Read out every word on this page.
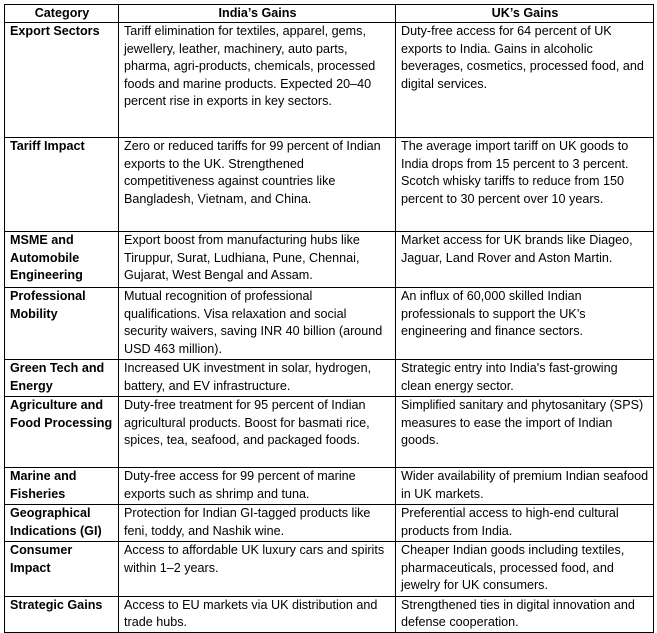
Category	India’s Gains	UK’s Gains
Export Sectors	Tariff elimination for textiles, apparel, gems, jewellery, leather, machinery, auto parts, pharma, agri-products, chemicals, processed foods and marine products. Expected 20–40 percent rise in exports in key sectors.	Duty-free access for 64 percent of UK exports to India. Gains in alcoholic beverages, cosmetics, processed food, and digital services.
Tariff Impact	Zero or reduced tariffs for 99 percent of Indian exports to the UK. Strengthened competitiveness against countries like Bangladesh, Vietnam, and China.	The average import tariff on UK goods to India drops from 15 percent to 3 percent. Scotch whisky tariffs to reduce from 150 percent to 30 percent over 10 years.
MSME and Automobile Engineering	Export boost from manufacturing hubs like Tiruppur, Surat, Ludhiana, Pune, Chennai, Gujarat, West Bengal and Assam.	Market access for UK brands like Diageo, Jaguar, Land Rover and Aston Martin.
Professional Mobility	Mutual recognition of professional qualifications. Visa relaxation and social security waivers, saving INR 40 billion (around USD 463 million).	An influx of 60,000 skilled Indian professionals to support the UK’s engineering and finance sectors.
Green Tech and Energy	Increased UK investment in solar, hydrogen, battery, and EV infrastructure.	Strategic entry into India's fast-growing clean energy sector.
Agriculture and Food Processing	Duty-free treatment for 95 percent of Indian agricultural products. Boost for basmati rice, spices, tea, seafood, and packaged foods.	Simplified sanitary and phytosanitary (SPS) measures to ease the import of Indian goods.
Marine and Fisheries	Duty-free access for 99 percent of marine exports such as shrimp and tuna.	Wider availability of premium Indian seafood in UK markets.
Geographical Indications (GI)	Protection for Indian GI-tagged products like feni, toddy, and Nashik wine.	Preferential access to high-end cultural products from India.
Consumer Impact	Access to affordable UK luxury cars and spirits within 1–2 years.	Cheaper Indian goods including textiles, pharmaceuticals, processed food, and jewelry for UK consumers.
Strategic Gains	Access to EU markets via UK distribution and trade hubs.	Strengthened ties in digital innovation and defense cooperation.
